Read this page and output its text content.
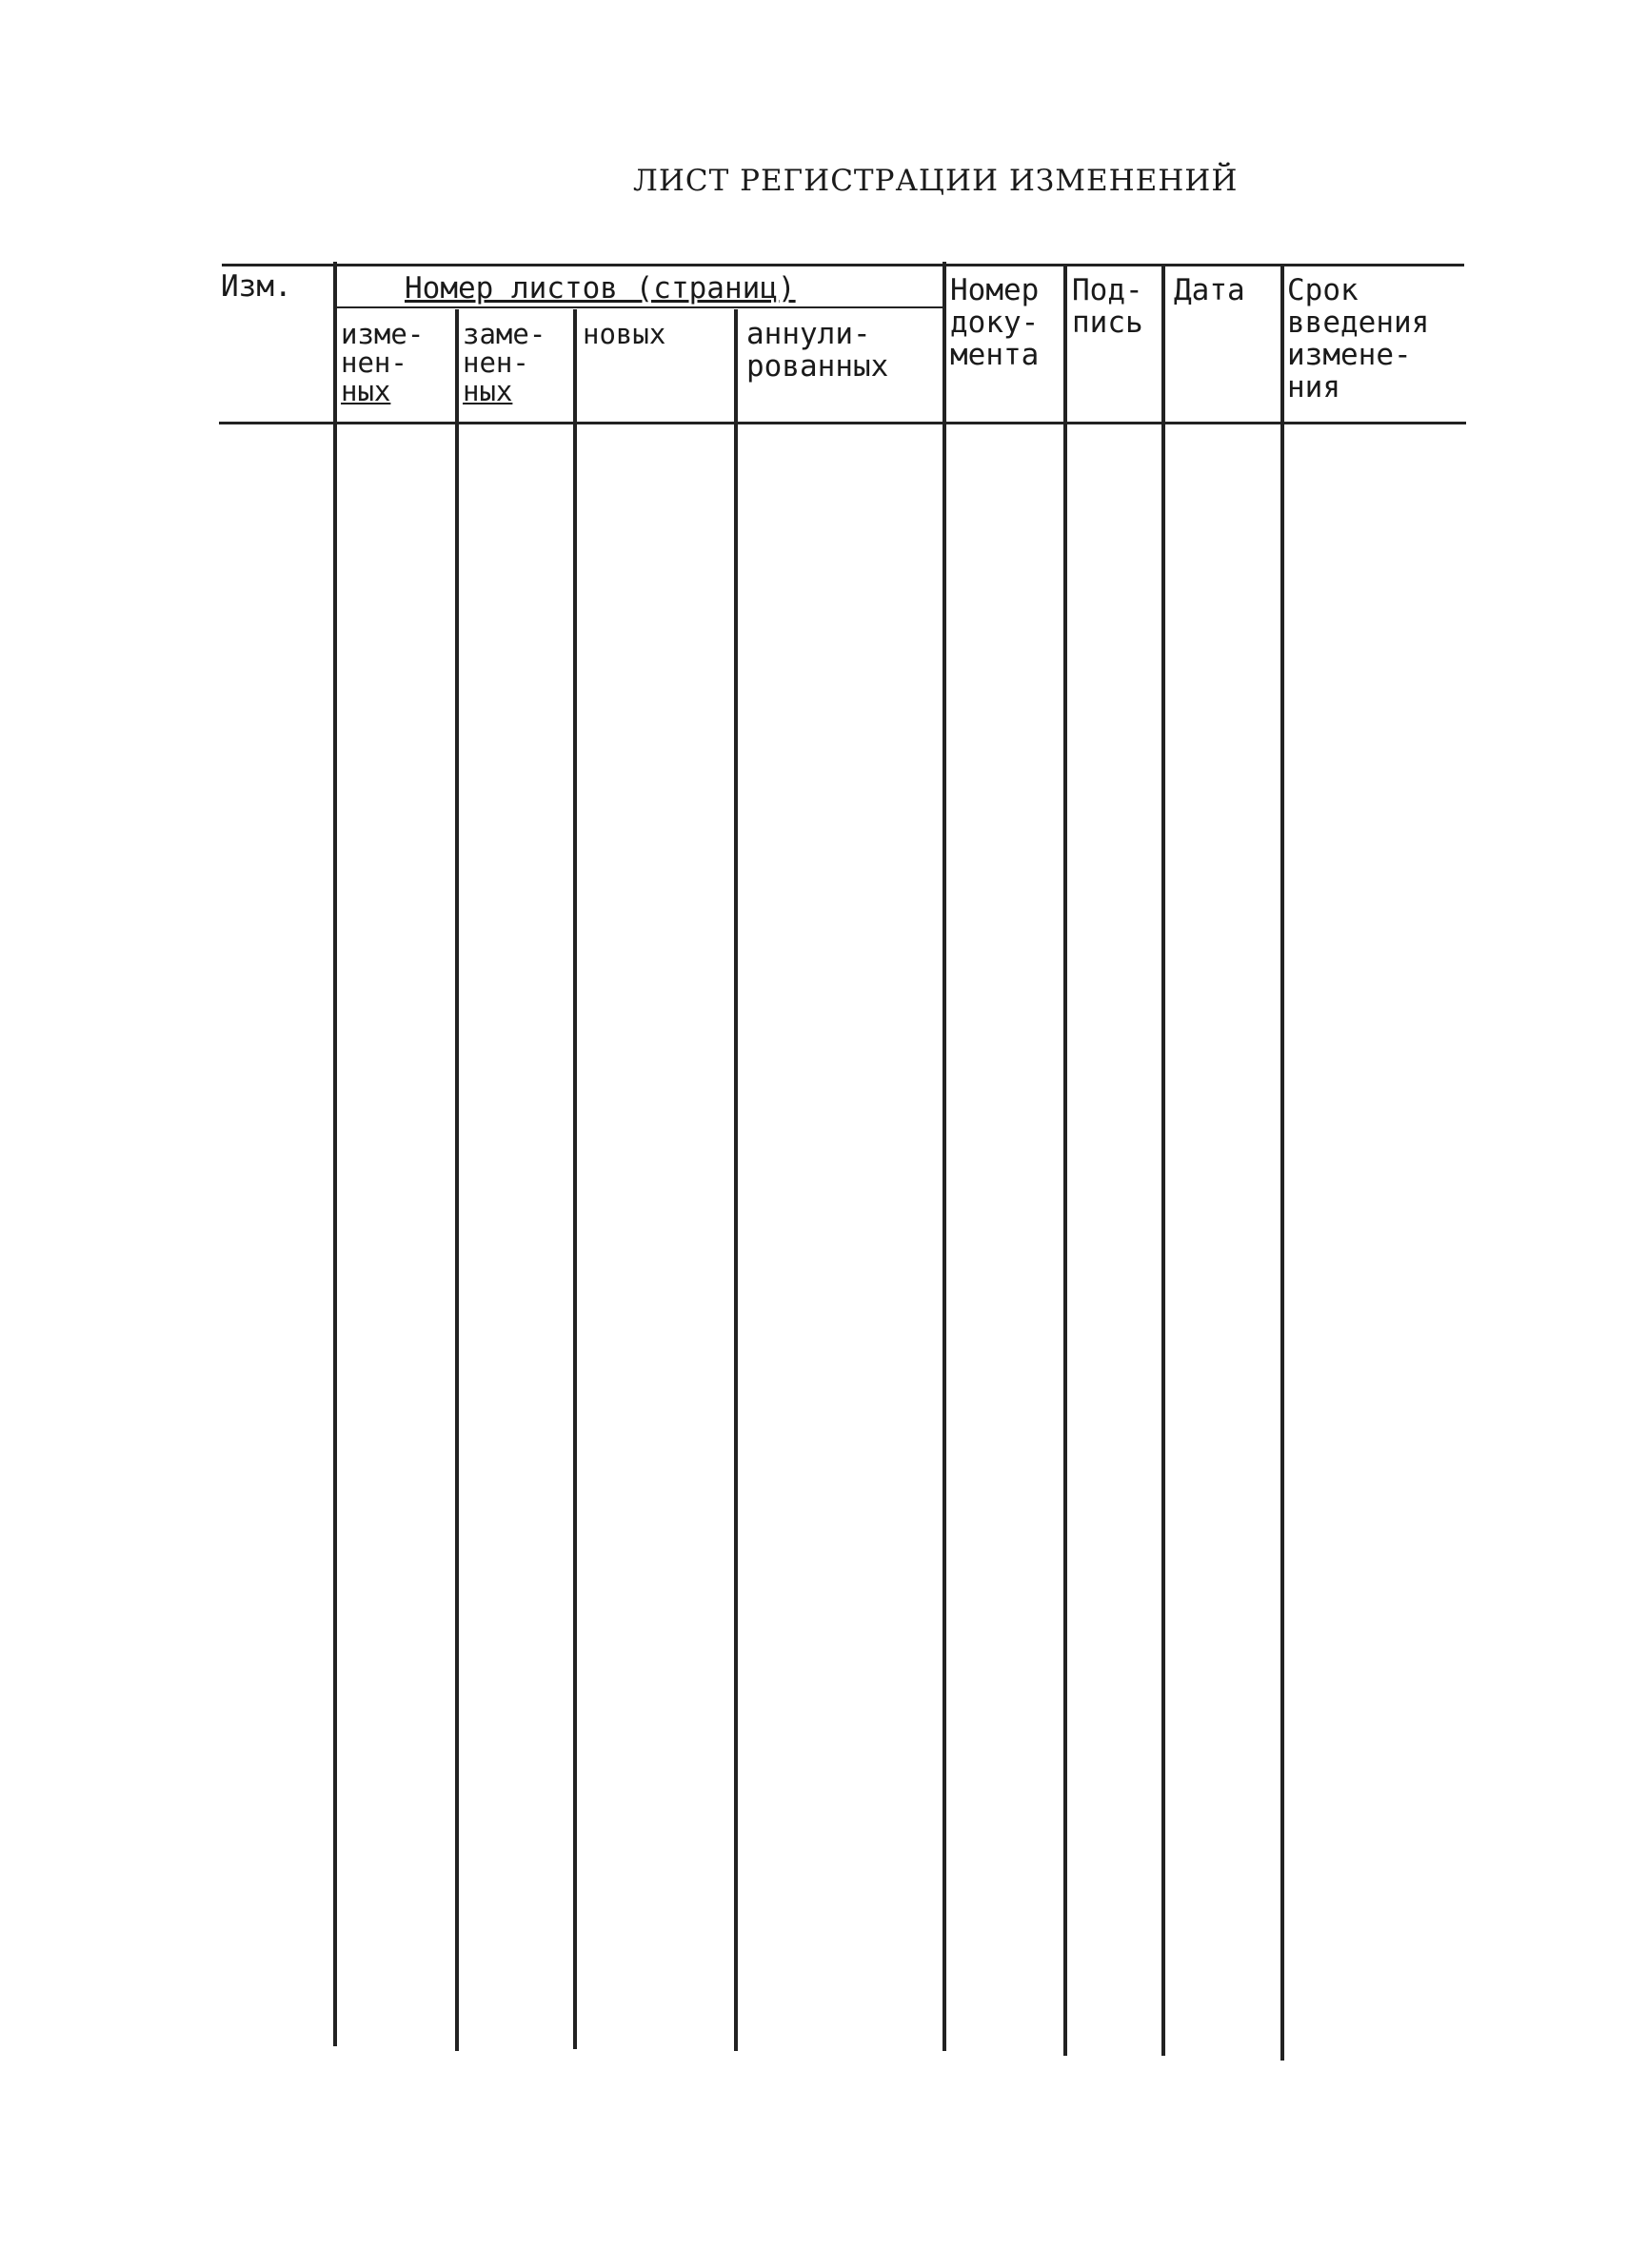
ЛИСТ РЕГИСТРАЦИИ ИЗМЕНЕНИЙ
Изм.	Номер листов (страниц)
изме-
нен-
ных
заме-
нен-
ных
новых	аннули-
рованных
Номер
доку-
мента
Под-
пись
Дата Срок
введения
измене-
ния
